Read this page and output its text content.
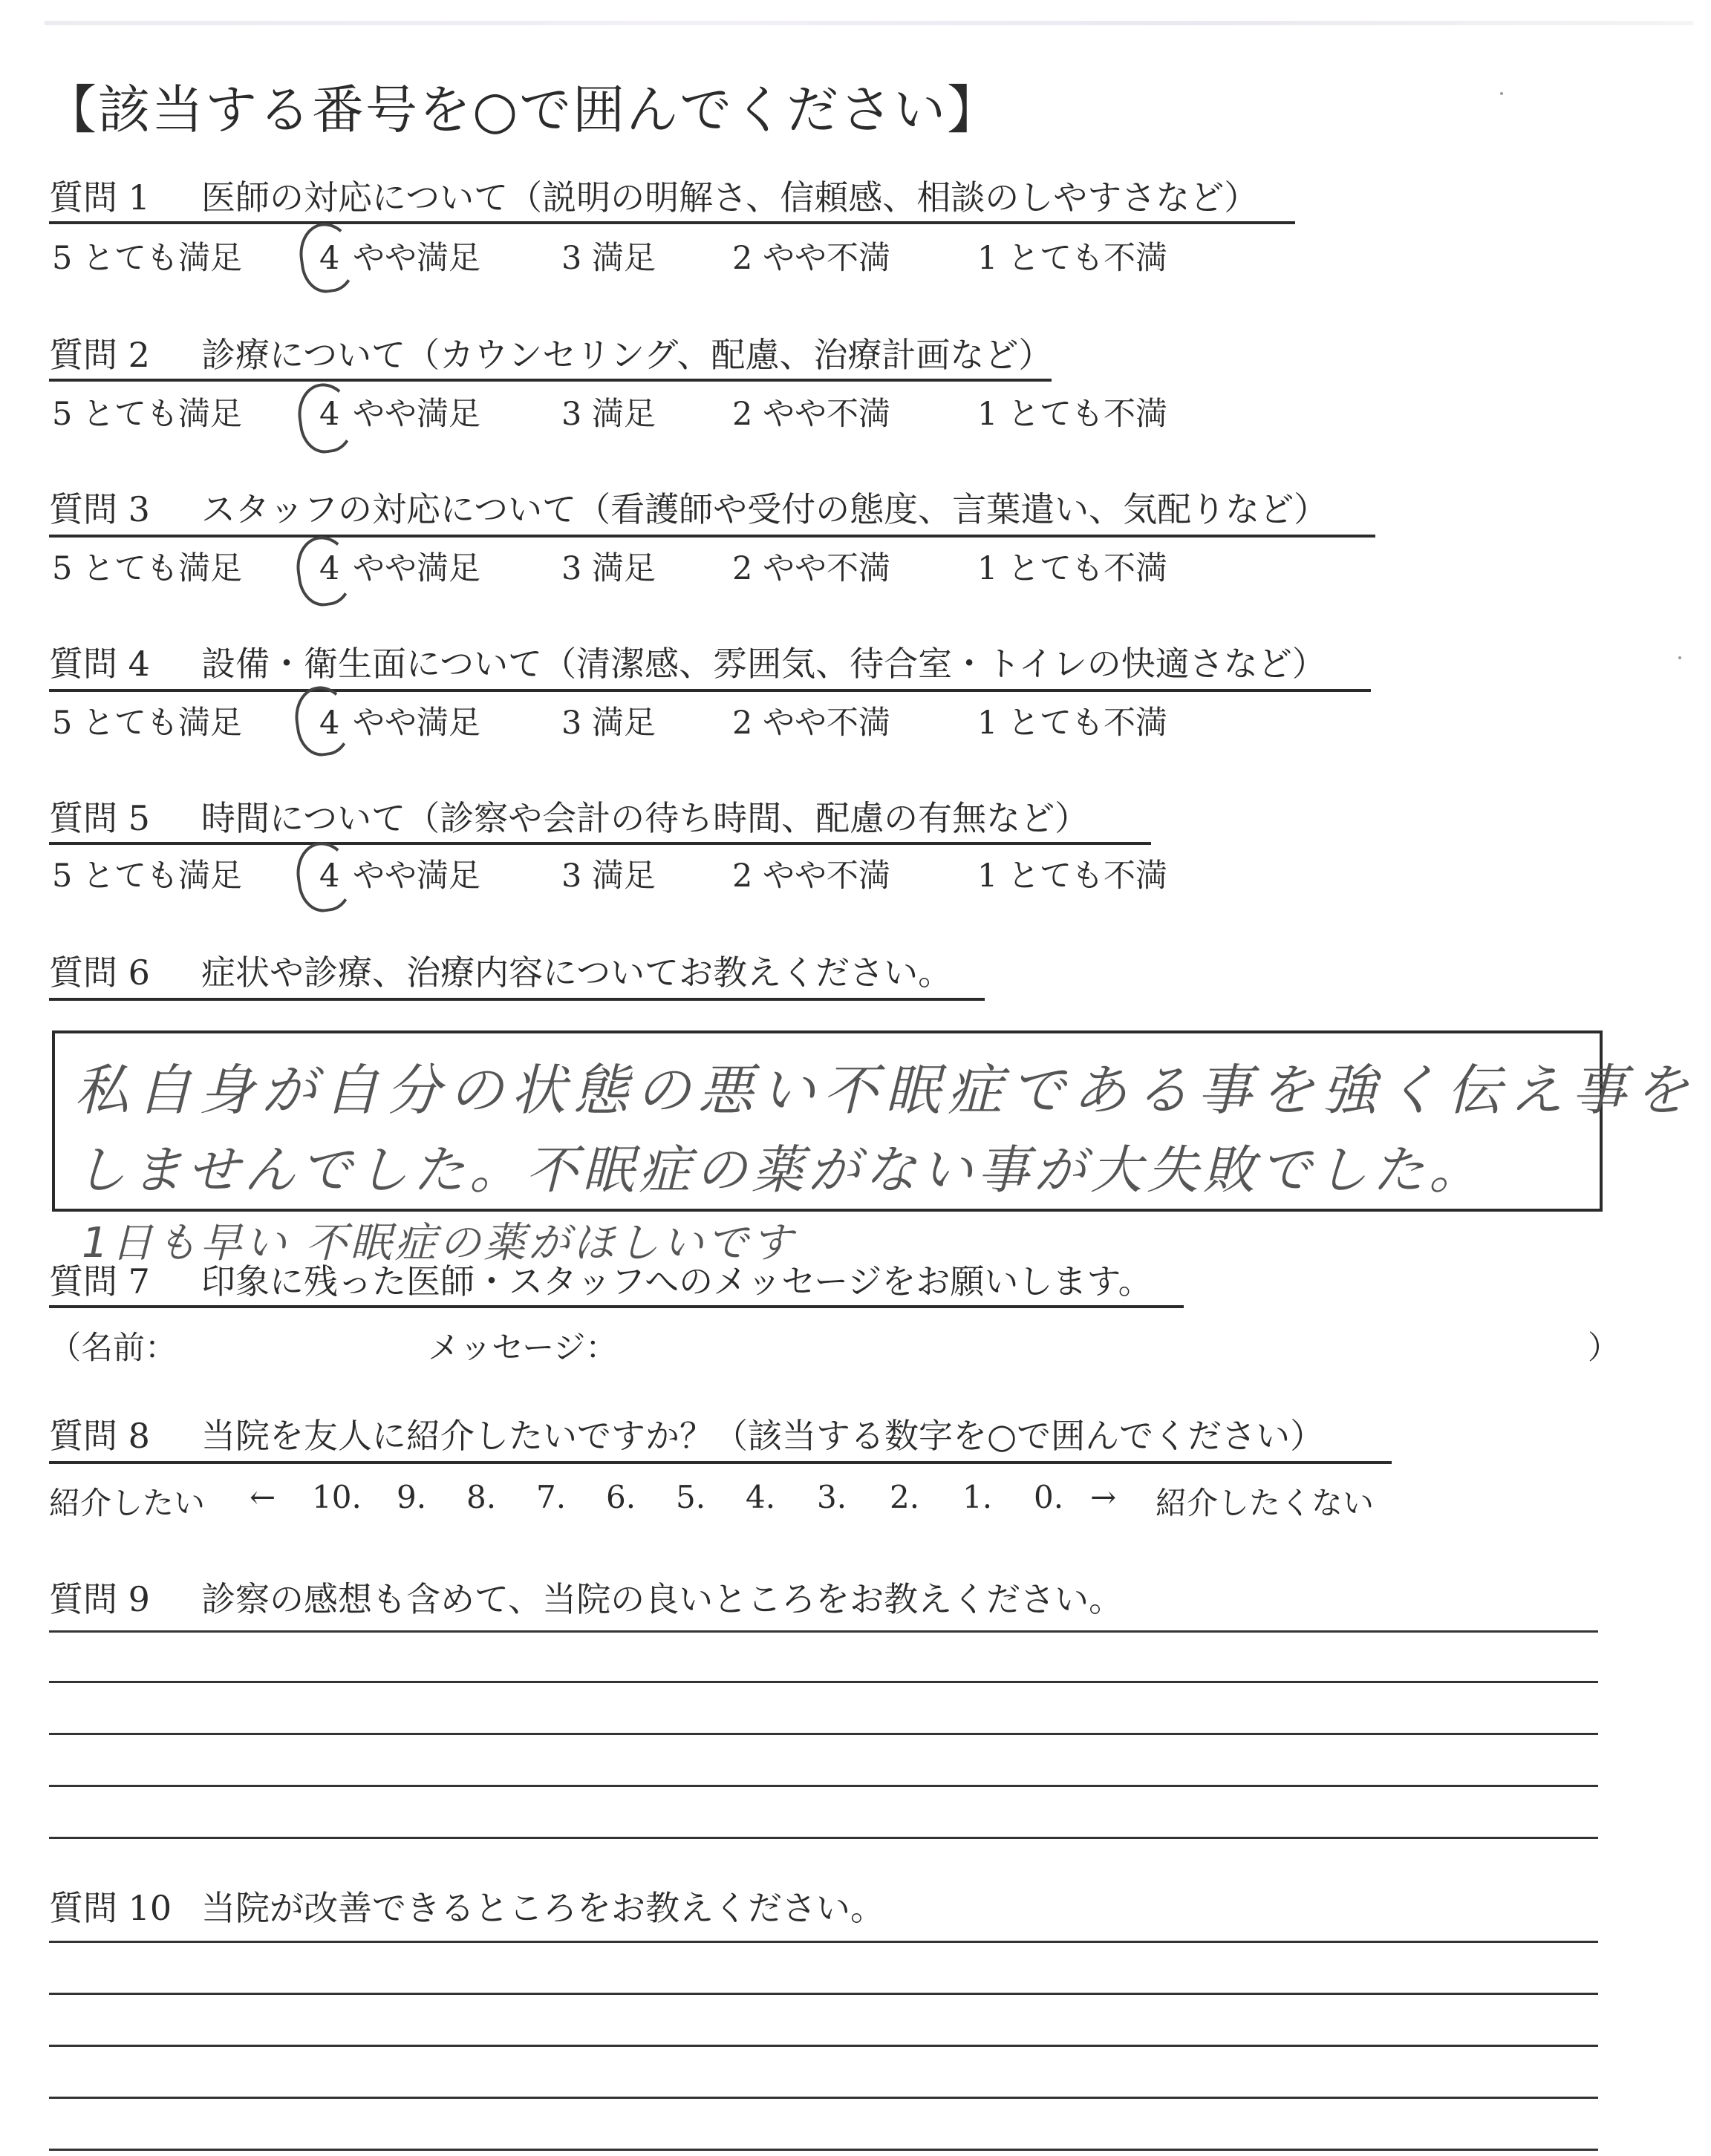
【該当する番号を○で囲んでください】
質問 1 医師の対応について（説明の明解さ、信頼感、相談のしやすさなど）
質問 2 診療について（カウンセリング、配慮、治療計画など）
質問 3 スタッフの対応について（看護師や受付の態度、言葉遣い、気配りなど）
質問 4 設備・衛生面について（清潔感、雰囲気、待合室・トイレの快適さなど）
質問 5 時間について（診察や会計の待ち時間、配慮の有無など）
5 とても満足 4 やや満足	3 満足 2 やや不満	1 とても不満
5 とても満足 4 やや満足	3 満足 2 やや不満	1 とても不満
5 とても満足 4 やや満足	3 満足 2 やや不満	1 とても不満
5 とても満足 4 やや満足	3 満足 2 やや不満	1 とても不満
5 とても満足 4 やや満足	3 満足 2 やや不満	1 とても不満
質問 6 症状や診療、治療内容についてお教えください。
私自身が自分の状態の悪い不眠症である事を強く伝え事を
しませんでした。不眠症の薬がない事が大失敗でした。
1日も早い 不眠症の薬がほしいです
質問 7 印象に残った医師・スタッフへのメッセージをお願いします。
（名前：	メッセージ：	）
質問 8 当院を友人に紹介したいですか？（該当する数字を○で囲んでください）
紹介したい ← 10. 9. 8. 7. 6. 5. 4. 3. 2. 1. 0. → 紹介したくない
質問 9 診察の感想も含めて、当院の良いところをお教えください。
質問 10 当院が改善できるところをお教えください。
